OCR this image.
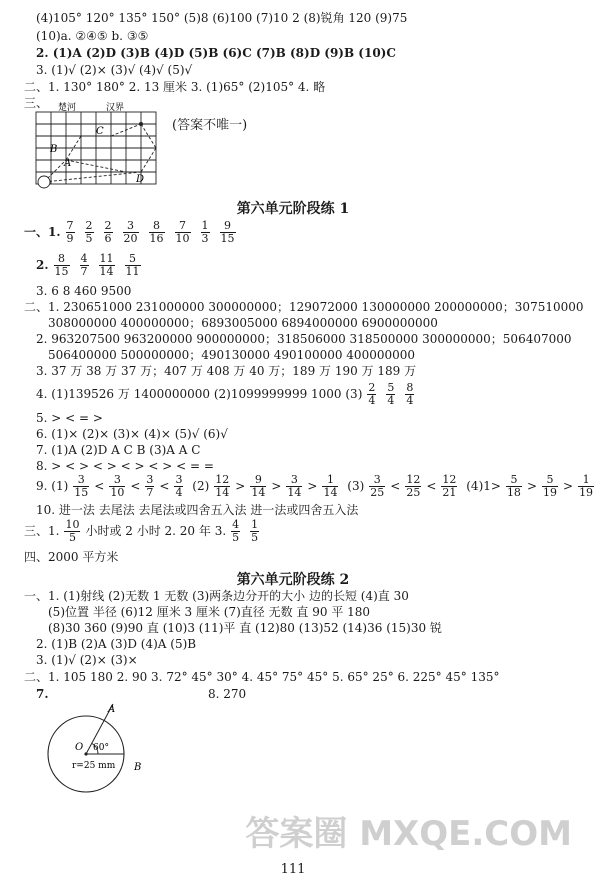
(4)105° 120° 135° 150° (5)8 (6)100 (7)10 2 (8)锐角 120 (9)75
(10)a. ②④⑤ b. ③⑤
2. (1)A (2)D (3)B (4)D (5)B (6)C (7)B (8)D (9)B (10)C
3. (1)√ (2)× (3)√ (4)√ (5)√
二、1. 130° 180° 2. 13 厘米 3. (1)65° (2)105° 4. 略
三、 楚河	汉界
A
B
C
D
(答案不唯一)
第六单元阶段练 1
一、1. $\frac{7}{9} \frac{2}{5} \frac{2}{6} \frac{3}{20} \frac{8}{16} \frac{7}{10} \frac{1}{3} \frac{9}{15}$
2. $\frac{8}{15} \frac{4}{7} \frac{11}{14} \frac{5}{11}$
3. 6 8 460 9500
二、1. 230651000 231000000 300000000；129072000 130000000 200000000；307510000
308000000 400000000；6893005000 6894000000 6900000000
2. 963207500 963200000 900000000；318506000 318500000 300000000；506407000
506400000 500000000；490130000 490100000 400000000
3. 37 万 38 万 37 万；407 万 408 万 40 万；189 万 190 万 189 万
4. (1)139526 万 1400000000 (2)1099999999 1000 $(3) \frac{2}{4} \frac{5}{4} \frac{8}{4}$
5. > < = >
6. (1)× (2)× (3)× (4)× (5)√ (6)√
7. (1)A (2)D A C B (3)A A C
8. > < > < > < > < > < = =
9. $(1) \frac{3}{15} < \frac{3}{10} < \frac{3}{7} < \frac{3}{4} (2) \frac{12}{14} > \frac{9}{14} > \frac{3}{14} > \frac{1}{14} (3) \frac{3}{25} < \frac{12}{25} < \frac{12}{21} (4)1> \frac{5}{18} > \frac{5}{19} > \frac{1}{19}$
10. 进一法 去尾法 去尾法或四舍五入法 进一法或四舍五入法
三、1. $\frac{10}{5}$ 小时或 2 小时 2. 20 年 3. $\frac{4}{5} \frac{1}{5}$
四、2000 平方米
第六单元阶段练 2
一、1. (1)射线 (2)无数 1 无数 (3)两条边分开的大小 边的长短 (4)直 30
(5)位置 半径 (6)12 厘米 3 厘米 (7)直径 无数 直 90 平 180
(8)30 360 (9)90 直 (10)3 (11)平 直 (12)80 (13)52 (14)36 (15)30 锐
2. (1)B (2)A (3)D (4)A (5)B
3. (1)√ (2)× (3)×
二、1. 105 180 2. 90 3. 72° 45° 30° 4. 45° 75° 45° 5. 65° 25° 6. 225° 45° 135°
7.	8. 270
O
A
B
60°
r=25 mm
答案圈 MXQE.COM
111
